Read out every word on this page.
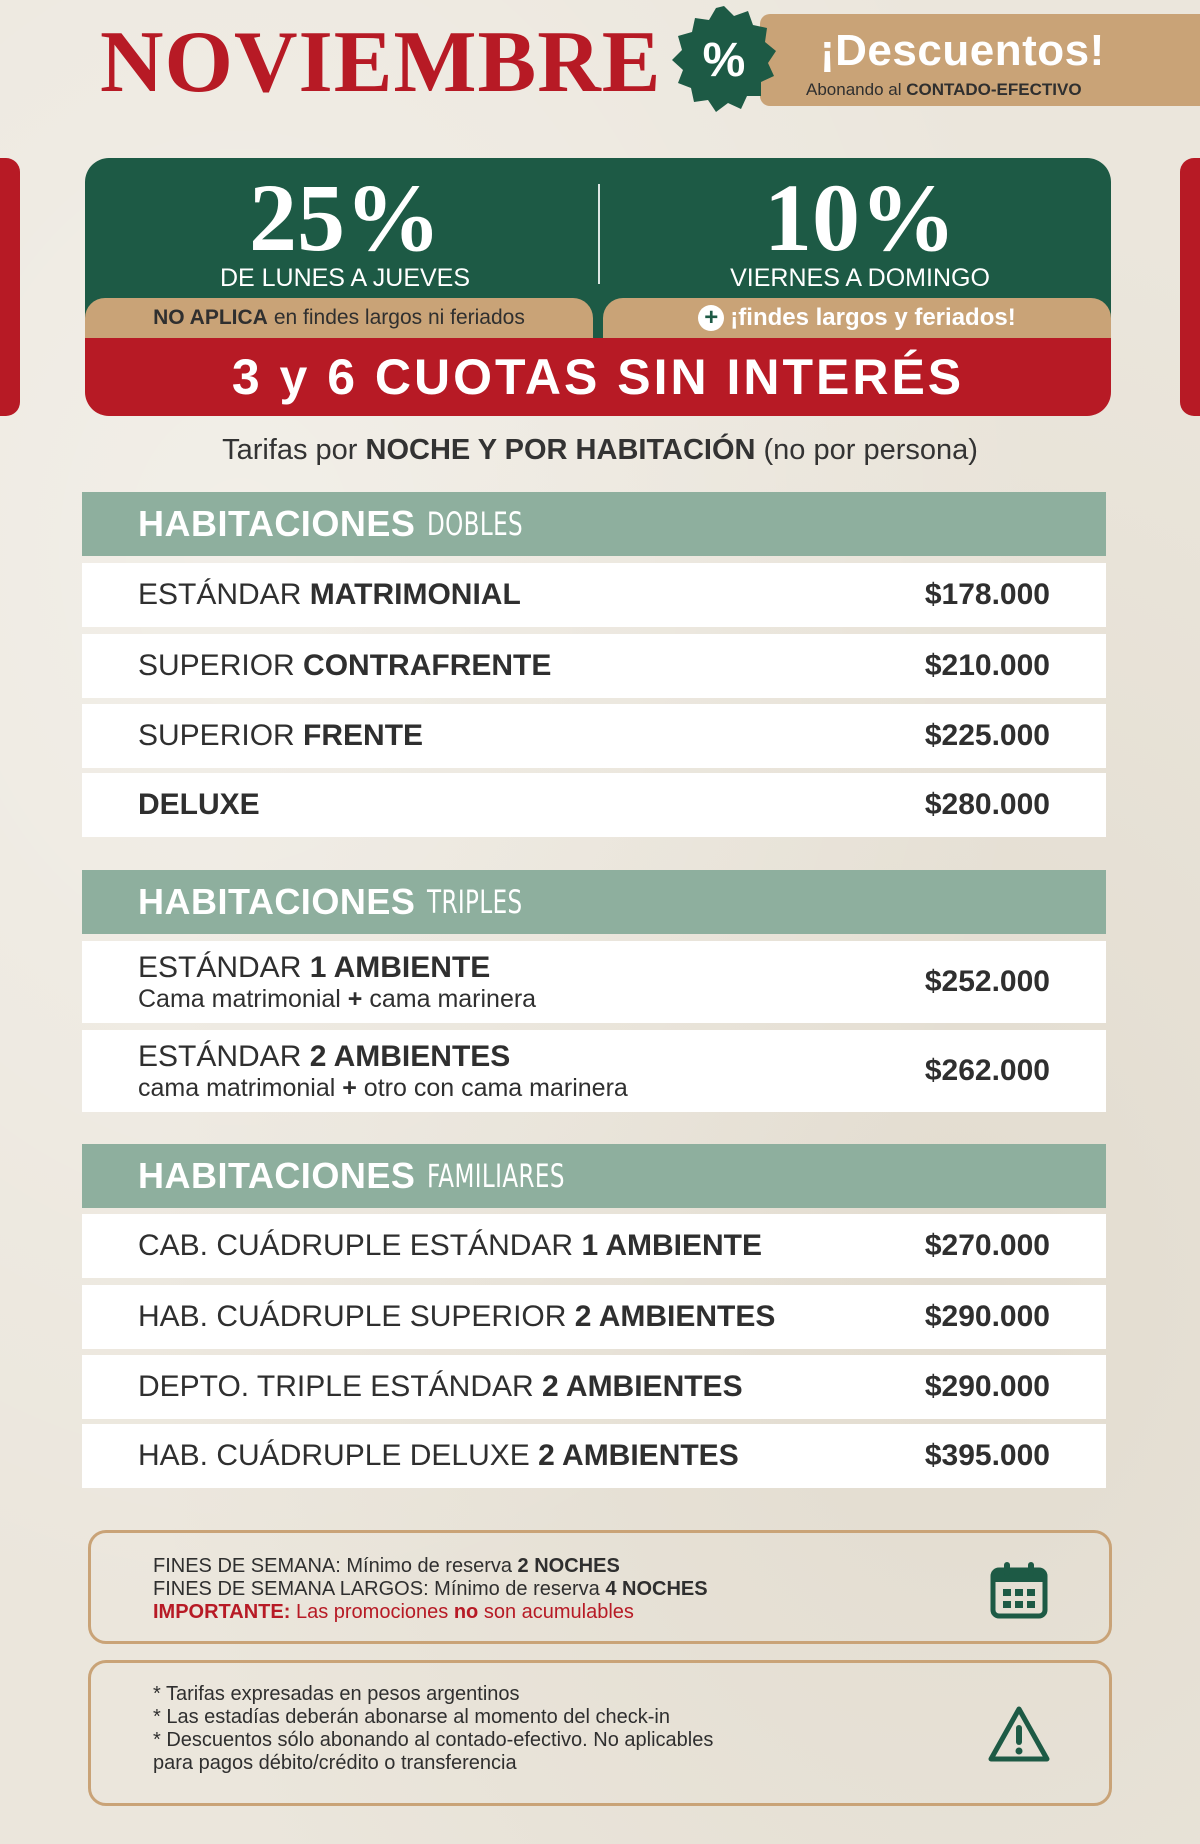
NOVIEMBRE	¡Descuentos!
Abonando al CONTADO-EFECTIVO
%
25%
DE LUNES A JUEVES
10%
VIERNES A DOMINGO
NO APLICA en findes largos ni feriados	+ ¡findes largos y feriados!
3 y 6 CUOTAS SIN INTERÉS
Tarifas por NOCHE Y POR HABITACIÓN (no por persona)
HABITACIONES DOBLES
ESTÁNDAR MATRIMONIAL	$178.000
SUPERIOR CONTRAFRENTE	$210.000
SUPERIOR FRENTE	$225.000
DELUXE	$280.000
HABITACIONES TRIPLES
ESTÁNDAR 1 AMBIENTE
Cama matrimonial + cama marinera
$252.000
ESTÁNDAR 2 AMBIENTES
cama matrimonial + otro con cama marinera
$262.000
HABITACIONES FAMILIARES
CAB. CUÁDRUPLE ESTÁNDAR 1 AMBIENTE	$270.000
HAB. CUÁDRUPLE SUPERIOR 2 AMBIENTES	$290.000
DEPTO. TRIPLE ESTÁNDAR 2 AMBIENTES	$290.000
HAB. CUÁDRUPLE DELUXE 2 AMBIENTES	$395.000
FINES DE SEMANA: Mínimo de reserva 2 NOCHES
FINES DE SEMANA LARGOS: Mínimo de reserva 4 NOCHES
IMPORTANTE: Las promociones no son acumulables
* Tarifas expresadas en pesos argentinos
* Las estadías deberán abonarse al momento del check-in
* Descuentos sólo abonando al contado-efectivo. No aplicables
para pagos débito/crédito o transferencia
